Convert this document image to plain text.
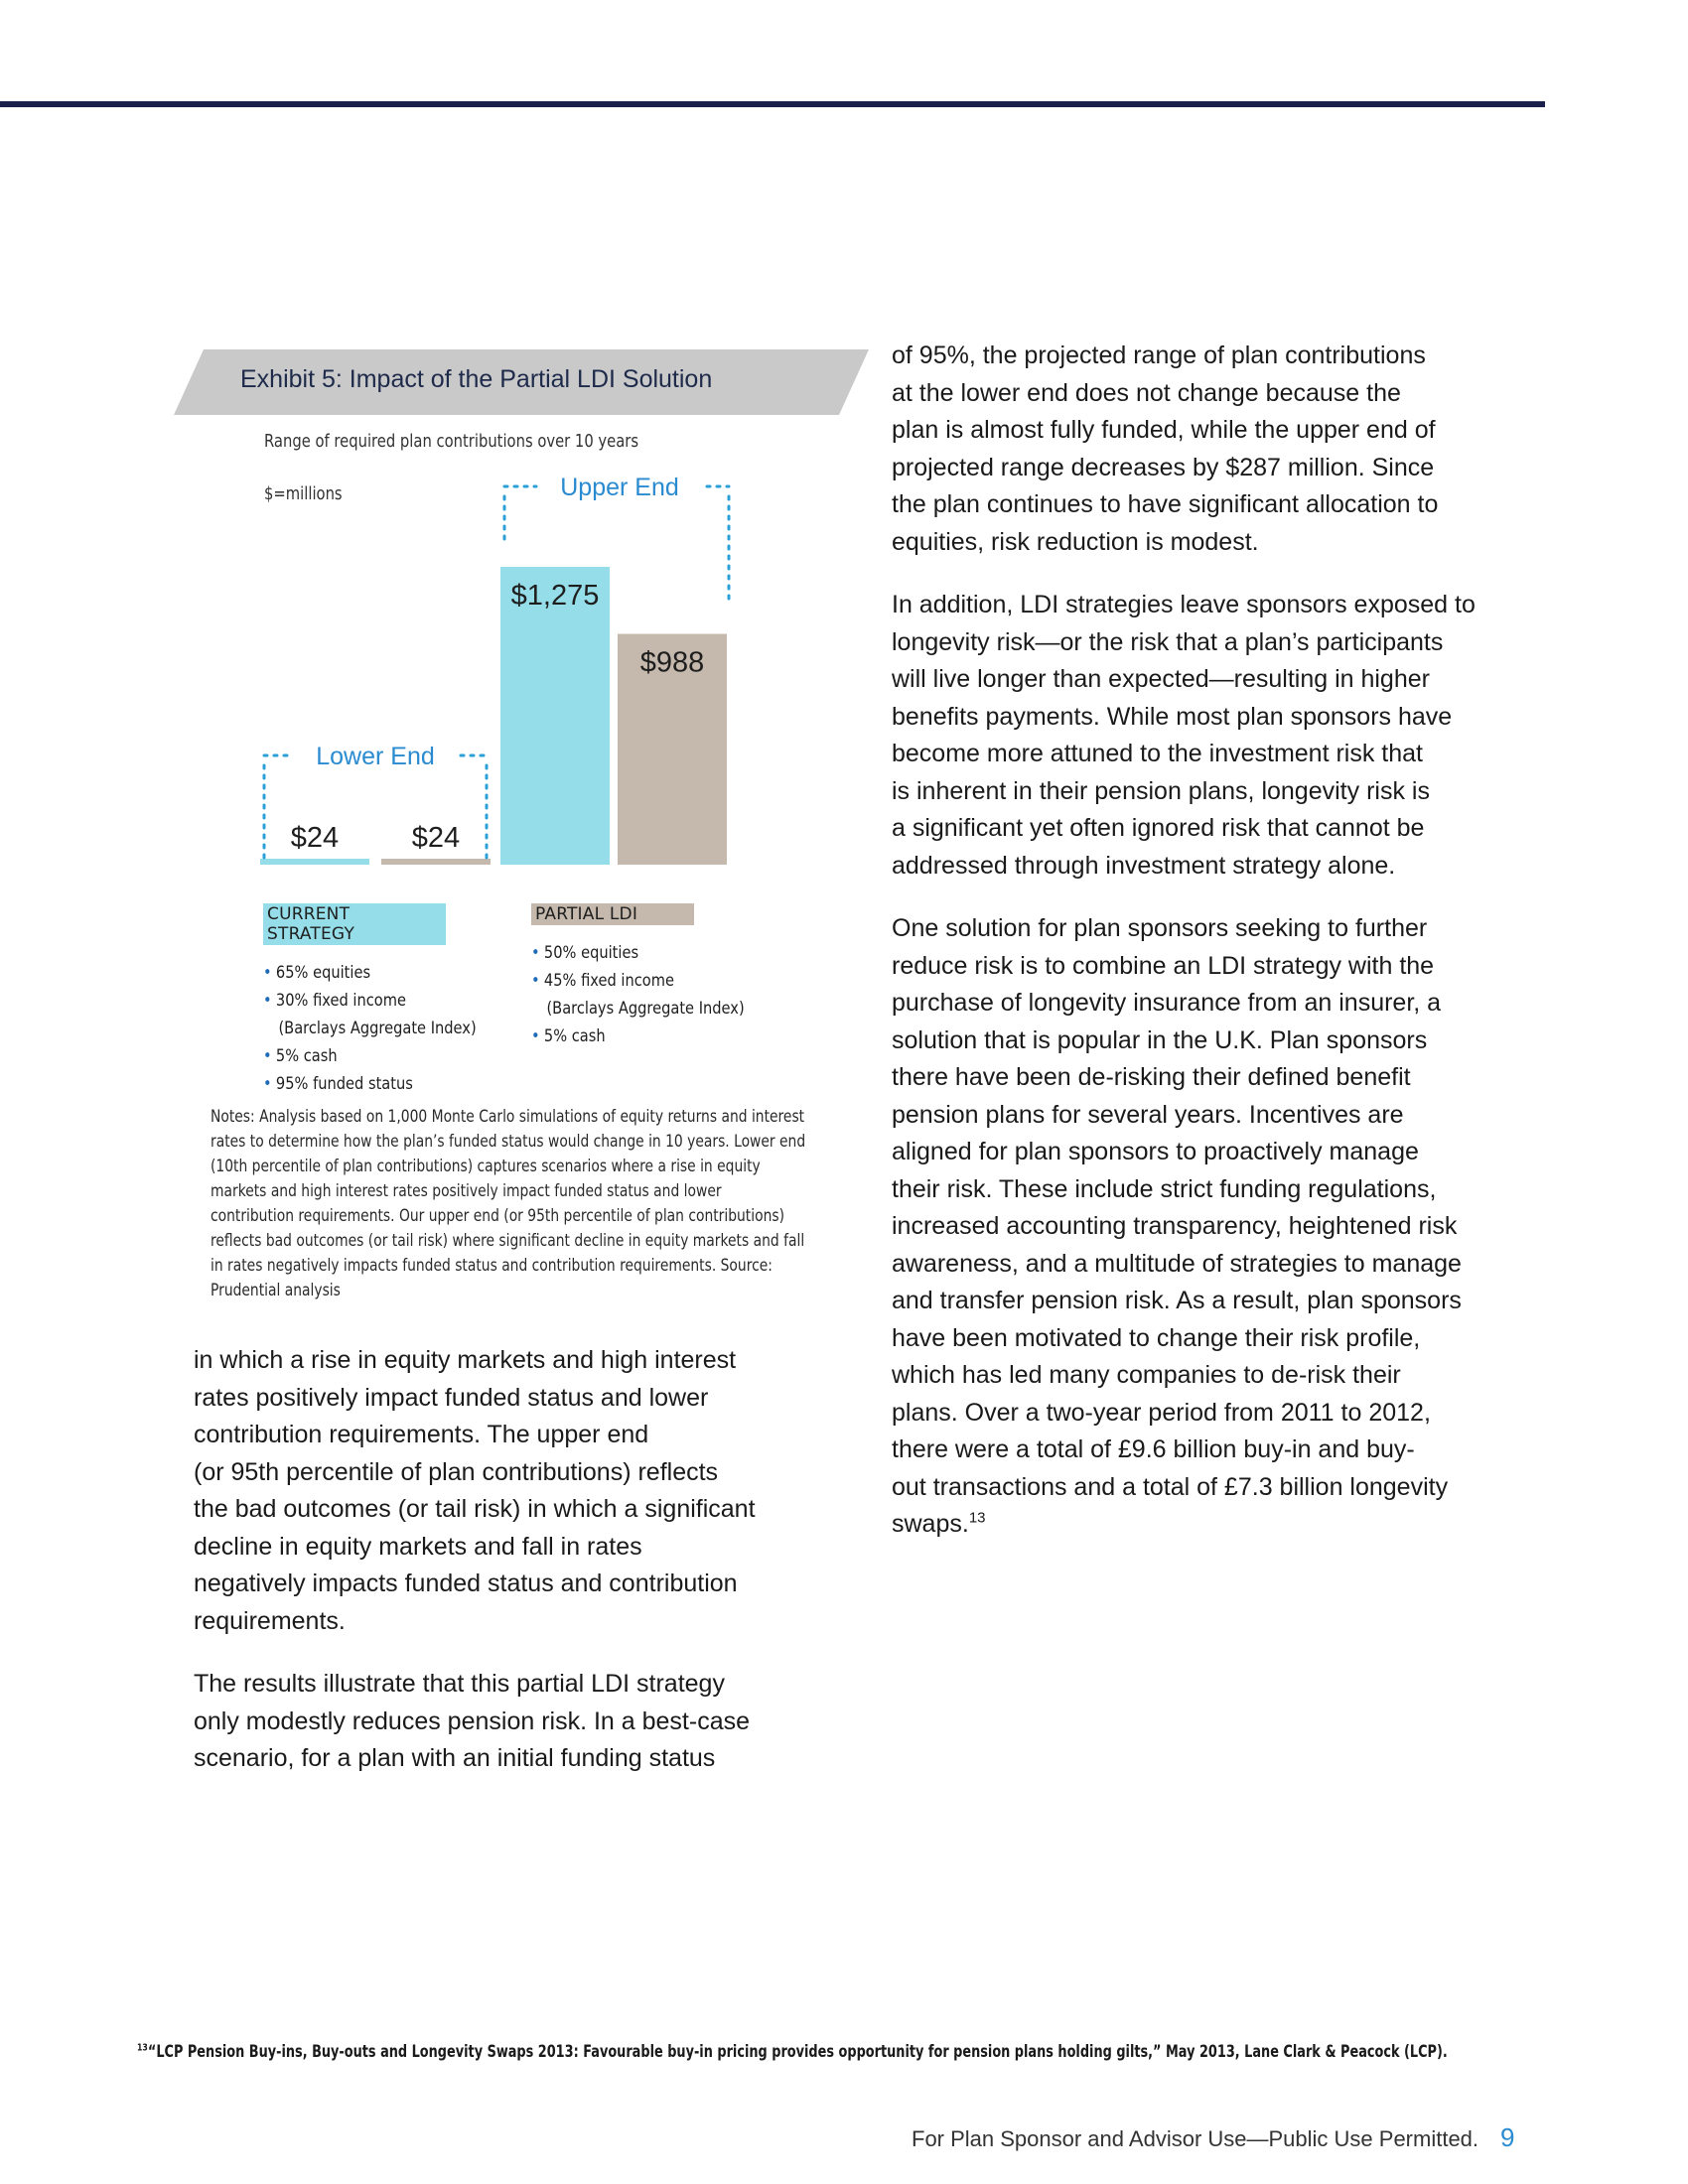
Exhibit 5: Impact of the Partial LDI Solution
Range of required plan contributions over 10 years
$=millions
$24
$1,275
$24
$988
Lower End
Upper End
CURRENT STRATEGY
• 65% equities
• 30% fixed income
(Barclays Aggregate Index)
• 5% cash
• 95% funded status
PARTIAL LDI
• 50% equities
• 45% fixed income
(Barclays Aggregate Index)
• 5% cash
Notes: Analysis based on 1,000 Monte Carlo simulations of equity returns and interest rates to determine how the plan’s funded status would change in 10 years. Lower end (10th percentile of plan contributions) captures scenarios where a rise in equity markets and high interest rates positively impact funded status and lower contribution requirements. Our upper end (or 95th percentile of plan contributions) reflects bad outcomes (or tail risk) where significant decline in equity markets and fall in rates negatively impacts funded status and contribution requirements. Source: Prudential analysis

in which a rise in equity markets and high interest
rates positively impact funded status and lower
contribution requirements. The upper end
(or 95th percentile of plan contributions) reflects
the bad outcomes (or tail risk) in which a significant
decline in equity markets and fall in rates
negatively impacts funded status and contribution
requirements.

The results illustrate that this partial LDI strategy
only modestly reduces pension risk. In a best-case
scenario, for a plan with an initial funding status

of 95%, the projected range of plan contributions
at the lower end does not change because the
plan is almost fully funded, while the upper end of
projected range decreases by $287 million. Since
the plan continues to have significant allocation to
equities, risk reduction is modest.

In addition, LDI strategies leave sponsors exposed to
longevity risk—or the risk that a plan’s participants
will live longer than expected—resulting in higher
benefits payments. While most plan sponsors have
become more attuned to the investment risk that
is inherent in their pension plans, longevity risk is
a significant yet often ignored risk that cannot be
addressed through investment strategy alone.

One solution for plan sponsors seeking to further
reduce risk is to combine an LDI strategy with the
purchase of longevity insurance from an insurer, a
solution that is popular in the U.K. Plan sponsors
there have been de-risking their defined benefit
pension plans for several years. Incentives are
aligned for plan sponsors to proactively manage
their risk. These include strict funding regulations,
increased accounting transparency, heightened risk
awareness, and a multitude of strategies to manage
and transfer pension risk. As a result, plan sponsors
have been motivated to change their risk profile,
which has led many companies to de-risk their
plans. Over a two-year period from 2011 to 2012,
there were a total of £9.6 billion buy-in and buy-
out transactions and a total of £7.3 billion longevity
swaps.$^{13}$

$^{13}$“LCP Pension Buy-ins, Buy-outs and Longevity Swaps 2013: Favourable buy-in pricing provides opportunity for pension plans holding gilts,” May 2013, Lane Clark & Peacock (LCP).
For Plan Sponsor and Advisor Use—Public Use Permitted. 9
